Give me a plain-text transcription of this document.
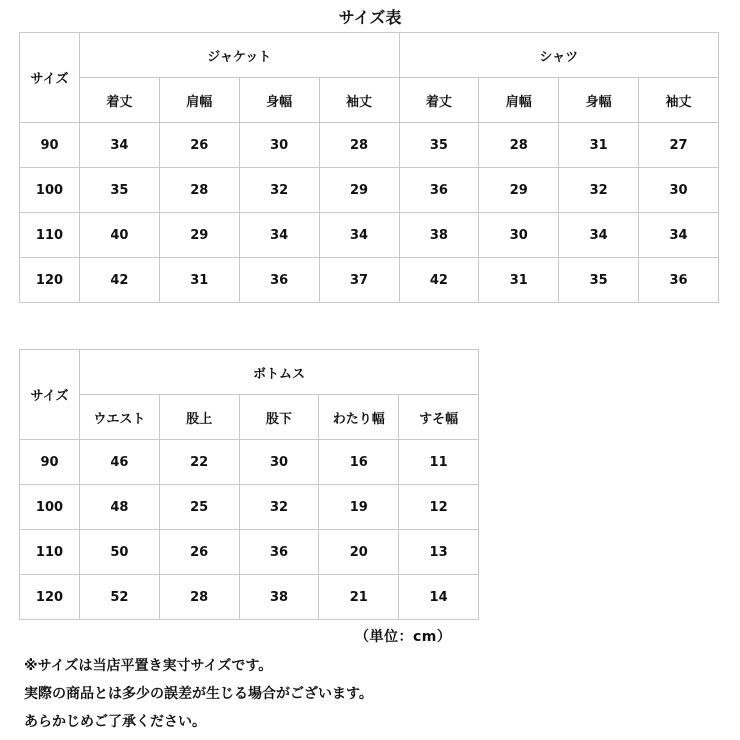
サイズ表
サイズ	ジャケット				シャツ			
	着丈	肩幅	身幅	袖丈	着丈	肩幅	身幅	袖丈
90	34	26	30	28	35	28	31	27
100	35	28	32	29	36	29	32	30
110	40	29	34	34	38	30	34	34
120	42	31	36	37	42	31	35	36
サイズ	ボトムス				
	ウエスト	股上	股下	わたり幅	すそ幅
90	46	22	30	16	11
100	48	25	32	19	12
110	50	26	36	20	13
120	52	28	38	21	14
（単位：cm）
※サイズは当店平置き実寸サイズです。
実際の商品とは多少の誤差が生じる場合がございます。
あらかじめご了承ください。
